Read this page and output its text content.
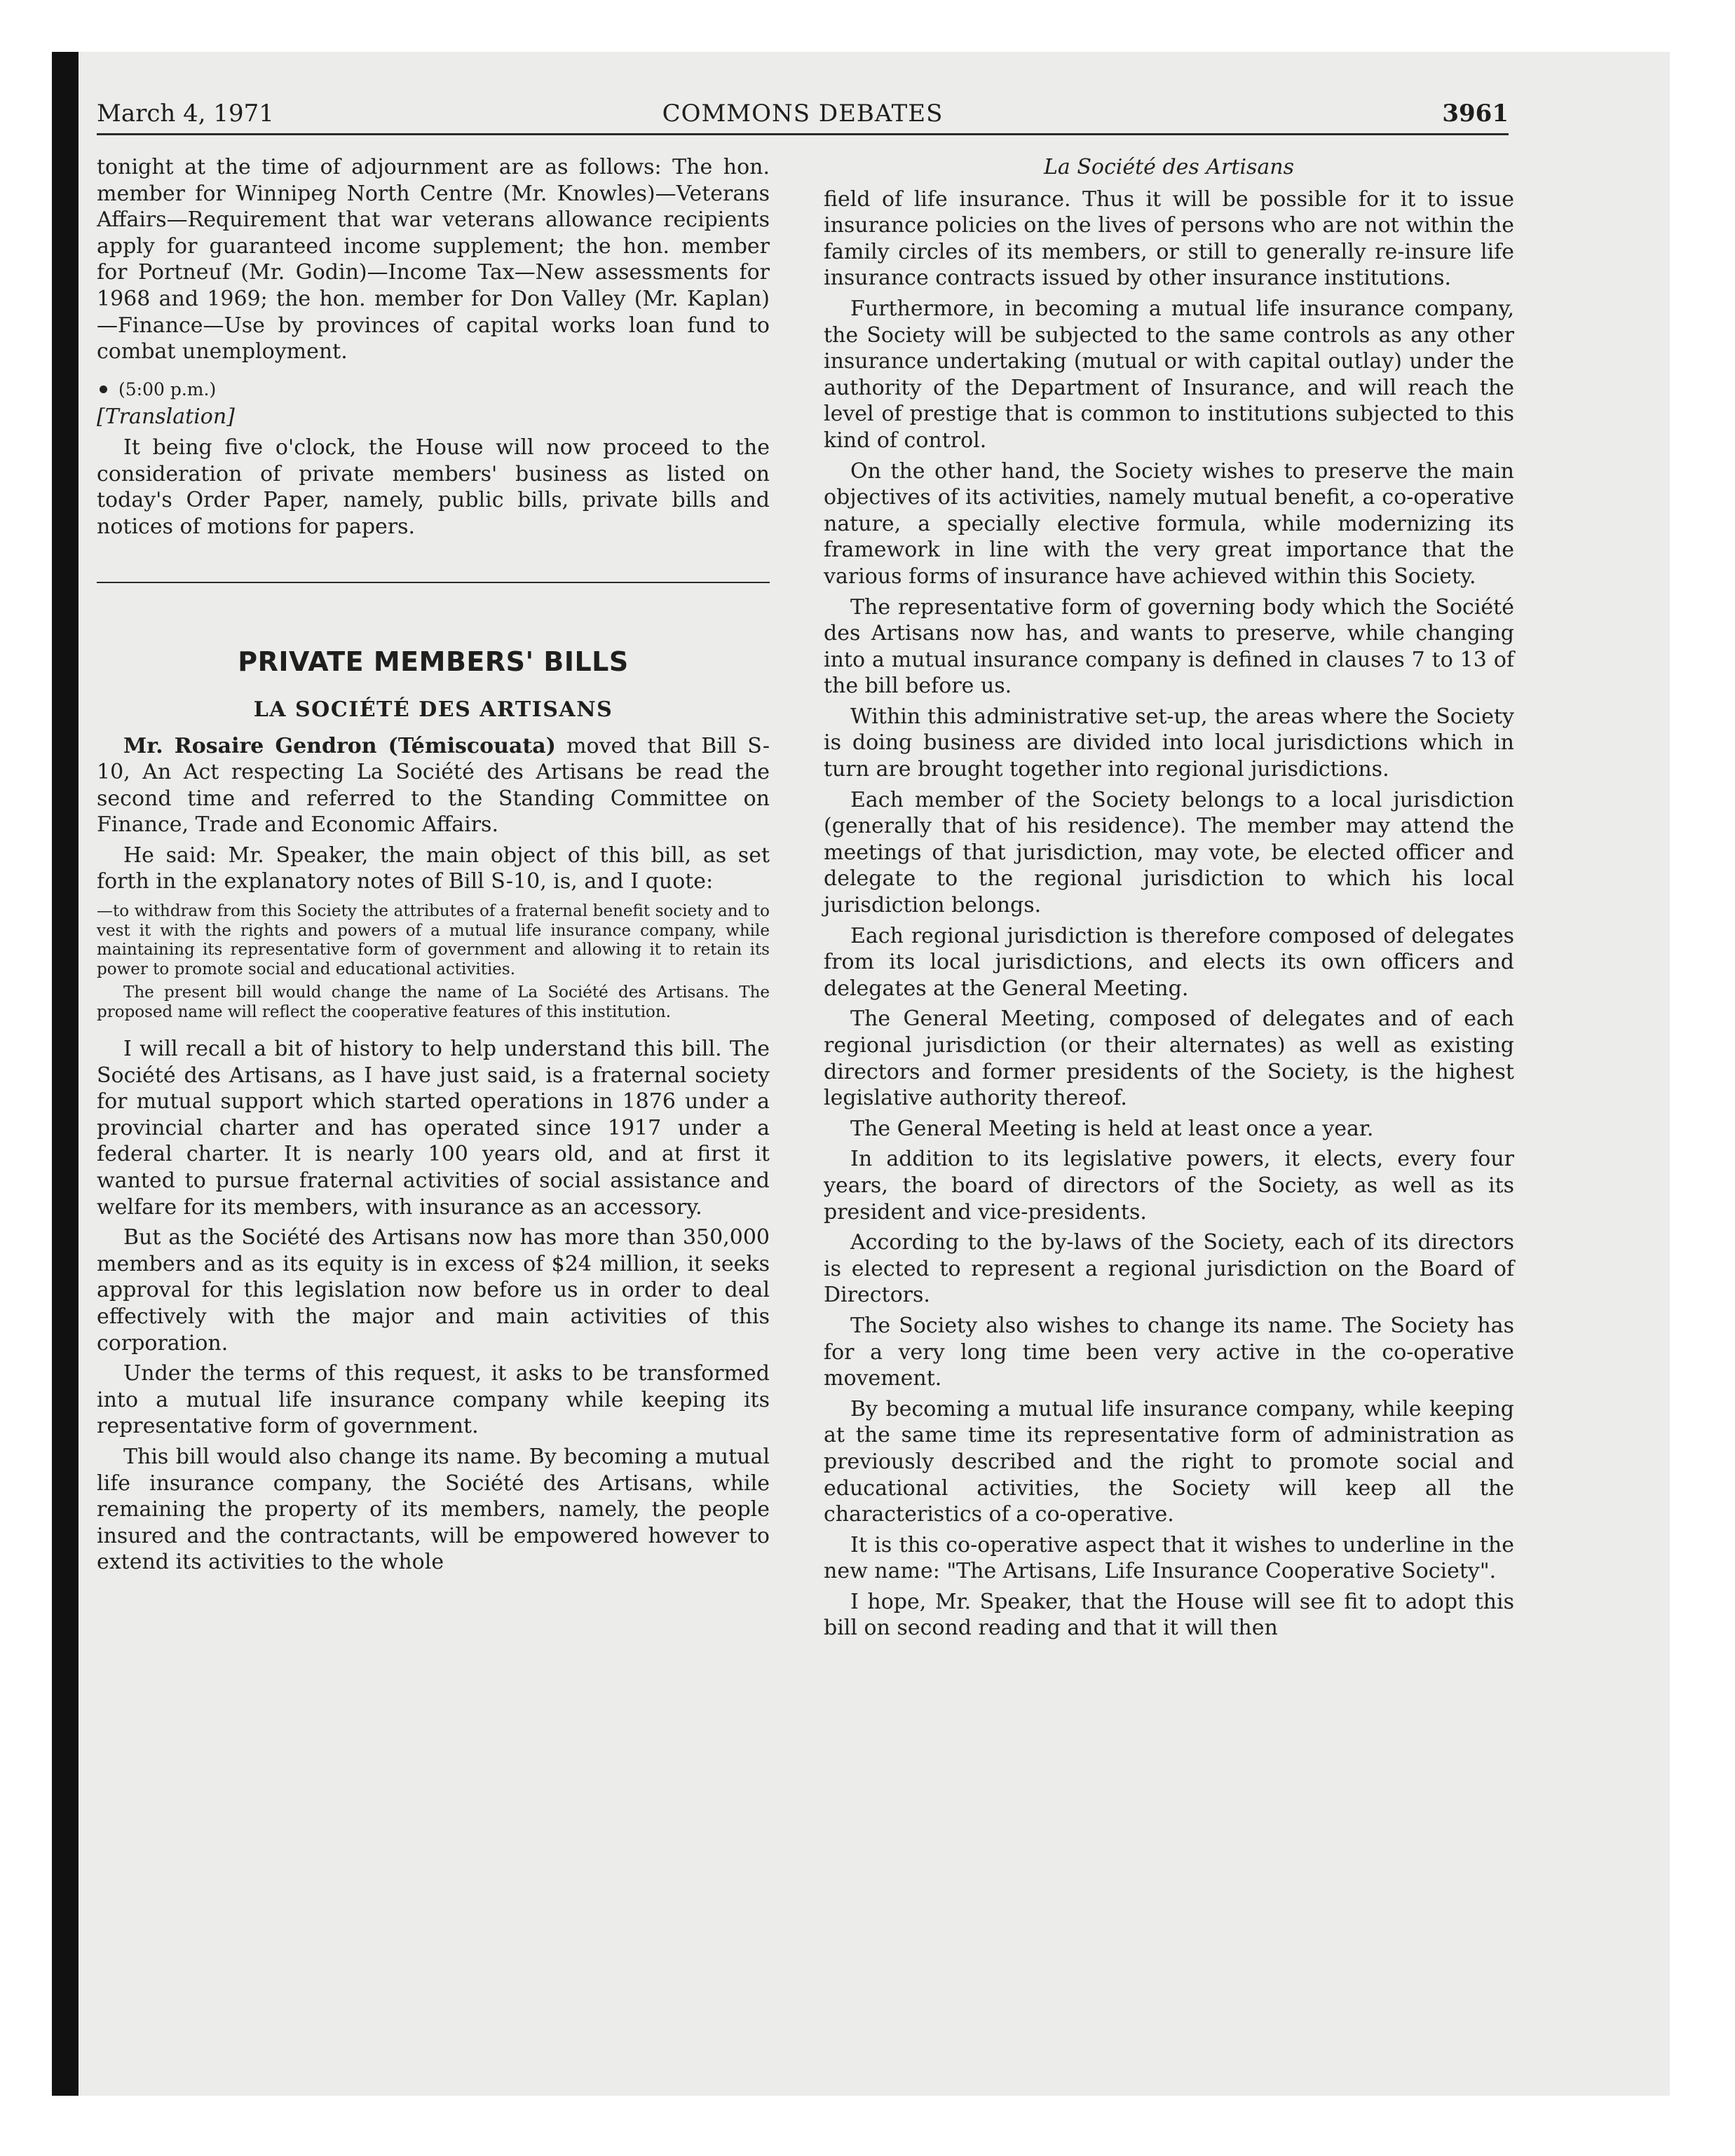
March 4, 1971	COMMONS DEBATES	3961

tonight at the time of adjournment are as follows: The hon. member for Winnipeg North Centre (Mr. Knowles)—Veterans Affairs—Requirement that war veterans allowance recipients apply for guaranteed income supplement; the hon. member for Portneuf (Mr. Godin)—Income Tax—New assessments for 1968 and 1969; the hon. member for Don Valley (Mr. Kaplan)—Finance—Use by provinces of capital works loan fund to combat unemployment.

(5:00 p.m.)
[Translation]

It being five o'clock, the House will now proceed to the consideration of private members' business as listed on today's Order Paper, namely, public bills, private bills and notices of motions for papers.

PRIVATE MEMBERS' BILLS
LA SOCIÉTÉ DES ARTISANS

Mr. Rosaire Gendron (Témiscouata) moved that Bill S-10, An Act respecting La Société des Artisans be read the second time and referred to the Standing Committee on Finance, Trade and Economic Affairs.

He said: Mr. Speaker, the main object of this bill, as set forth in the explanatory notes of Bill S-10, is, and I quote:

—to withdraw from this Society the attributes of a fraternal benefit society and to vest it with the rights and powers of a mutual life insurance company, while maintaining its representative form of government and allowing it to retain its power to promote social and educational activities.

The present bill would change the name of La Société des Artisans. The proposed name will reflect the cooperative features of this institution.

I will recall a bit of history to help understand this bill. The Société des Artisans, as I have just said, is a fraternal society for mutual support which started operations in 1876 under a provincial charter and has operated since 1917 under a federal charter. It is nearly 100 years old, and at first it wanted to pursue fraternal activities of social assistance and welfare for its members, with insurance as an accessory.

But as the Société des Artisans now has more than 350,000 members and as its equity is in excess of $24 million, it seeks approval for this legislation now before us in order to deal effectively with the major and main activities of this corporation.

Under the terms of this request, it asks to be transformed into a mutual life insurance company while keeping its representative form of government.

This bill would also change its name. By becoming a mutual life insurance company, the Société des Artisans, while remaining the property of its members, namely, the people insured and the contractants, will be empowered however to extend its activities to the whole

La Société des Artisans

field of life insurance. Thus it will be possible for it to issue insurance policies on the lives of persons who are not within the family circles of its members, or still to generally re-insure life insurance contracts issued by other insurance institutions.

Furthermore, in becoming a mutual life insurance company, the Society will be subjected to the same controls as any other insurance undertaking (mutual or with capital outlay) under the authority of the Department of Insurance, and will reach the level of prestige that is common to institutions subjected to this kind of control.

On the other hand, the Society wishes to preserve the main objectives of its activities, namely mutual benefit, a co-operative nature, a specially elective formula, while modernizing its framework in line with the very great importance that the various forms of insurance have achieved within this Society.

The representative form of governing body which the Société des Artisans now has, and wants to preserve, while changing into a mutual insurance company is defined in clauses 7 to 13 of the bill before us.

Within this administrative set-up, the areas where the Society is doing business are divided into local jurisdictions which in turn are brought together into regional jurisdictions.

Each member of the Society belongs to a local jurisdiction (generally that of his residence). The member may attend the meetings of that jurisdiction, may vote, be elected officer and delegate to the regional jurisdiction to which his local jurisdiction belongs.

Each regional jurisdiction is therefore composed of delegates from its local jurisdictions, and elects its own officers and delegates at the General Meeting.

The General Meeting, composed of delegates and of each regional jurisdiction (or their alternates) as well as existing directors and former presidents of the Society, is the highest legislative authority thereof.

The General Meeting is held at least once a year.

In addition to its legislative powers, it elects, every four years, the board of directors of the Society, as well as its president and vice-presidents.

According to the by-laws of the Society, each of its directors is elected to represent a regional jurisdiction on the Board of Directors.

The Society also wishes to change its name. The Society has for a very long time been very active in the co-operative movement.

By becoming a mutual life insurance company, while keeping at the same time its representative form of administration as previously described and the right to promote social and educational activities, the Society will keep all the characteristics of a co-operative.

It is this co-operative aspect that it wishes to underline in the new name: "The Artisans, Life Insurance Cooperative Society".

I hope, Mr. Speaker, that the House will see fit to adopt this bill on second reading and that it will then
